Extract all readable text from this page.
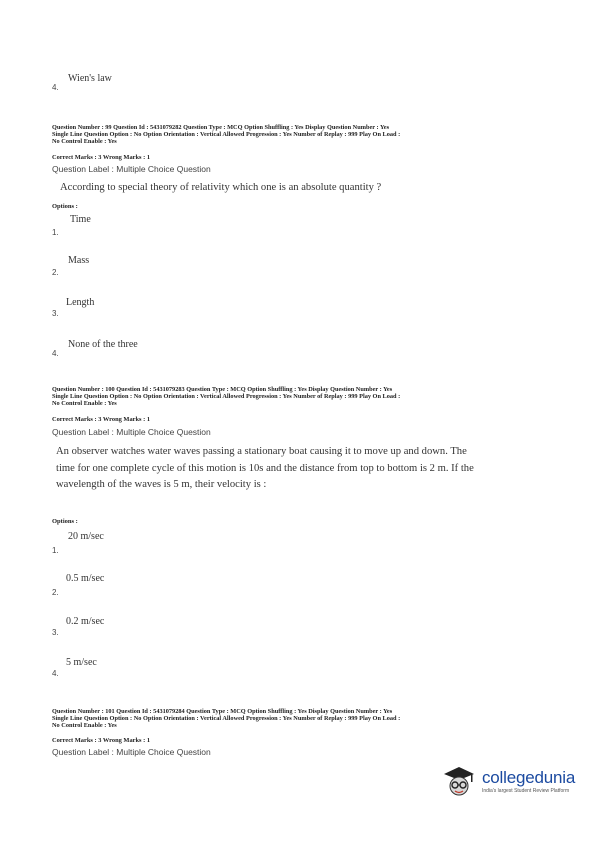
Wien's law
4.
Question Number : 99 Question Id : 5431079282 Question Type : MCQ Option Shuffling : Yes Display Question Number : Yes
Single Line Question Option : No Option Orientation : Vertical Allowed Progression : Yes Number of Replay : 999 Play On Load :
No Control Enable : Yes
Correct Marks : 3 Wrong Marks : 1
Question Label : Multiple Choice Question
According to special theory of relativity which one is an absolute quantity ?
Options :
Time
1.
Mass
2.
Length
3.
None of the three
4.
Question Number : 100 Question Id : 5431079283 Question Type : MCQ Option Shuffling : Yes Display Question Number : Yes
Single Line Question Option : No Option Orientation : Vertical Allowed Progression : Yes Number of Replay : 999 Play On Load :
No Control Enable : Yes
Correct Marks : 3 Wrong Marks : 1
Question Label : Multiple Choice Question
An observer watches water waves passing a stationary boat causing it to move up and down. The time for one complete cycle of this motion is 10s and the distance from top to bottom is 2 m. If the wavelength of the waves is 5 m, their velocity is :
Options :
20 m/sec
1.
0.5 m/sec
2.
0.2 m/sec
3.
5 m/sec
4.
Question Number : 101 Question Id : 5431079284 Question Type : MCQ Option Shuffling : Yes Display Question Number : Yes
Single Line Question Option : No Option Orientation : Vertical Allowed Progression : Yes Number of Replay : 999 Play On Load :
No Control Enable : Yes
Correct Marks : 3 Wrong Marks : 1
Question Label : Multiple Choice Question
collegedunia
India's largest Student Review Platform
